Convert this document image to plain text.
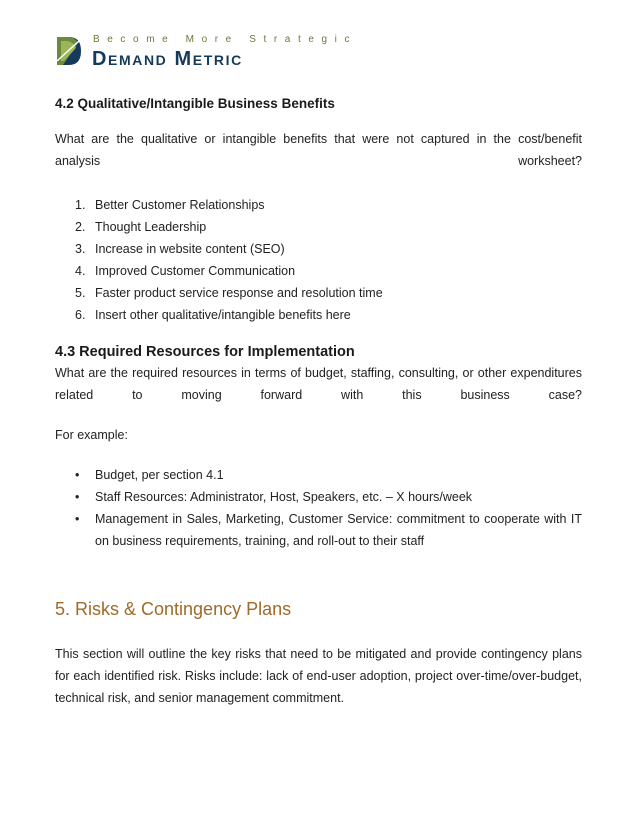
Become More Strategic
Demand Metric
4.2 Qualitative/Intangible Business Benefits
What are the qualitative or intangible benefits that were not captured in the cost/benefit analysis worksheet?
1. Better Customer Relationships
2. Thought Leadership
3. Increase in website content (SEO)
4. Improved Customer Communication
5. Faster product service response and resolution time
6. Insert other qualitative/intangible benefits here
4.3 Required Resources for Implementation
What are the required resources in terms of budget, staffing, consulting, or other expenditures related to moving forward with this business case?
For example:
• Budget, per section 4.1
• Staff Resources: Administrator, Host, Speakers, etc. – X hours/week
• Management in Sales, Marketing, Customer Service: commitment to cooperate with IT on business requirements, training, and roll-out to their staff
5. Risks & Contingency Plans
This section will outline the key risks that need to be mitigated and provide contingency plans for each identified risk. Risks include: lack of end-user adoption, project over-time/over-budget, technical risk, and senior management commitment.
